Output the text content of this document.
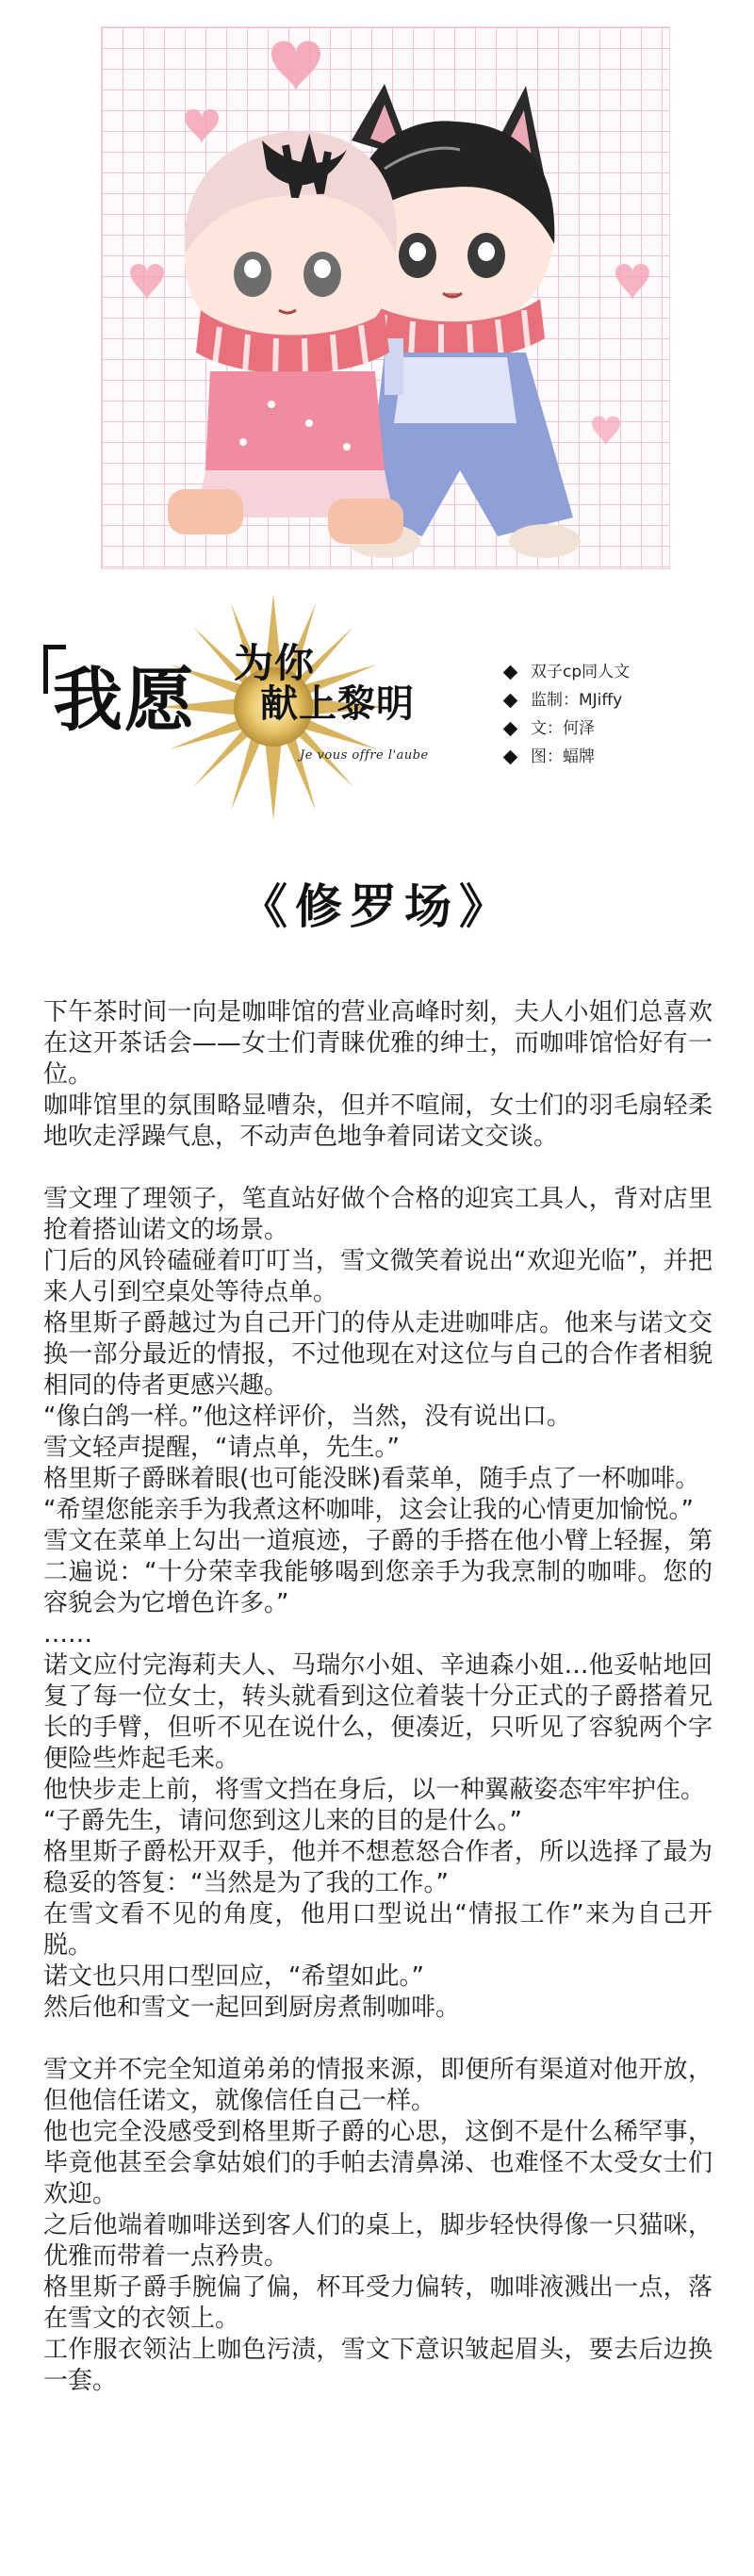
我愿 为你
献上黎明
Je vous offre l'aube
双子cp同人文
监制：MJiffy
文：何泽
图：蝠牌
《修罗场》

下午茶时间一向是咖啡馆的营业高峰时刻，夫人小姐们总喜欢在这开茶话会——女士们青睐优雅的绅士，而咖啡馆恰好有一位。

咖啡馆里的氛围略显嘈杂，但并不喧闹，女士们的羽毛扇轻柔地吹走浮躁气息，不动声色地争着同诺文交谈。

雪文理了理领子，笔直站好做个合格的迎宾工具人，背对店里抢着搭讪诺文的场景。

门后的风铃磕碰着叮叮当，雪文微笑着说出“欢迎光临”，并把来人引到空桌处等待点单。

格里斯子爵越过为自己开门的侍从走进咖啡店。他来与诺文交换一部分最近的情报，不过他现在对这位与自己的合作者相貌相同的侍者更感兴趣。

“像白鸽一样。”他这样评价，当然，没有说出口。

雪文轻声提醒，“请点单，先生。”

格里斯子爵眯着眼(也可能没眯)看菜单，随手点了一杯咖啡。

“希望您能亲手为我煮这杯咖啡，这会让我的心情更加愉悦。”

雪文在菜单上勾出一道痕迹，子爵的手搭在他小臂上轻握，第二遍说：“十分荣幸我能够喝到您亲手为我烹制的咖啡。您的容貌会为它增色许多。”

……

诺文应付完海莉夫人、马瑞尔小姐、辛迪森小姐…他妥帖地回复了每一位女士，转头就看到这位着装十分正式的子爵搭着兄长的手臂，但听不见在说什么，便凑近，只听见了容貌两个字便险些炸起毛来。

他快步走上前，将雪文挡在身后，以一种翼蔽姿态牢牢护住。

“子爵先生，请问您到这儿来的目的是什么。”

格里斯子爵松开双手，他并不想惹怒合作者，所以选择了最为稳妥的答复：“当然是为了我的工作。”

在雪文看不见的角度，他用口型说出“情报工作”来为自己开脱。

诺文也只用口型回应，“希望如此。”

然后他和雪文一起回到厨房煮制咖啡。

雪文并不完全知道弟弟的情报来源，即便所有渠道对他开放，但他信任诺文，就像信任自己一样。

他也完全没感受到格里斯子爵的心思，这倒不是什么稀罕事，毕竟他甚至会拿姑娘们的手帕去清鼻涕、也难怪不太受女士们欢迎。

之后他端着咖啡送到客人们的桌上，脚步轻快得像一只猫咪，优雅而带着一点矜贵。

格里斯子爵手腕偏了偏，杯耳受力偏转，咖啡液溅出一点，落在雪文的衣领上。

工作服衣领沾上咖色污渍，雪文下意识皱起眉头，要去后边换一套。
